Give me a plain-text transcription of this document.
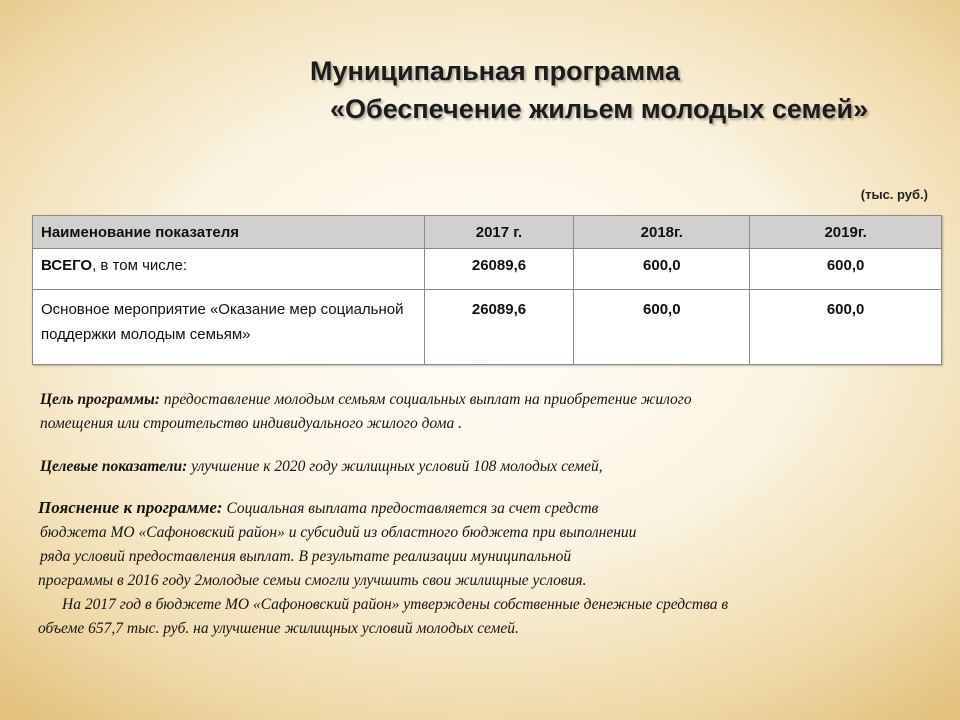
Муниципальная программа
«Обеспечение жильем молодых семей»
(тыс. руб.)
Наименование показателя	2017 г.	2018г.	2019г.
ВСЕГО, в том числе:	26089,6	600,0	600,0
Основное мероприятие «Оказание мер социальной поддержки молодым семьям»	26089,6	600,0	600,0
Цель программы: предоставление молодым семьям социальных выплат на приобретение жилого
помещения или строительство индивидуального жилого дома .
Целевые показатели: улучшение к 2020 году жилищных условий 108 молодых семей,
Пояснение к программе: Социальная выплата предоставляется за счет средств
бюджета МО «Сафоновский район» и субсидий из областного бюджета при выполнении
ряда условий предоставления выплат. В результате реализации муниципальной
программы в 2016 году 2молодые семьи смогли улучшить свои жилищные условия.
На 2017 год в бюджете МО «Сафоновский район» утверждены собственные денежные средства в
объеме 657,7 тыс. руб. на улучшение жилищных условий молодых семей.
